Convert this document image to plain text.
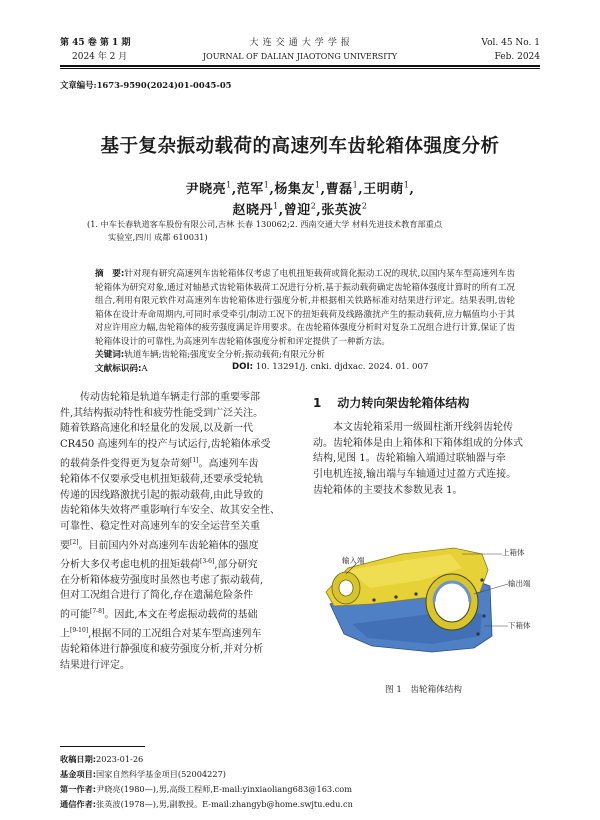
第 45 卷 第 1 期
2024 年 2 月
大 连 交 通 大 学 学 报
JOURNAL OF DALIAN JIAOTONG UNIVERSITY
Vol. 45 No. 1
Feb. 2024
文章编号:1673-9590(2024)01-0045-05
基于复杂振动载荷的高速列车齿轮箱体强度分析
尹晓亮$^1$,范军$^1$,杨集友$^1$,曹磊$^1$,王明萌$^1$,
赵晓丹$^1$,曾迎$^2$,张英波$^2$
(1. 中车长春轨道客车股份有限公司,吉林 长春 130062;2. 西南交通大学 材料先进技术教育部重点
实验室,四川 成都 610031)
摘　要:针对现有研究高速列车齿轮箱体仅考虑了电机扭矩载荷或简化振动工况的现状,以国内某车型高速列车齿轮箱体为研究对象,通过对轴悬式齿轮箱体载荷工况进行分析,基于振动载荷确定齿轮箱体强度计算时的所有工况组合,利用有限元软件对高速列车齿轮箱体进行强度分析,并根据相关铁路标准对结果进行评定。结果表明,齿轮箱体在设计寿命周期内,可同时承受牵引/制动工况下的扭矩载荷及线路激扰产生的振动载荷,应力幅值均小于其对应许用应力幅,齿轮箱体的疲劳强度满足许用要求。在齿轮箱体强度分析时对复杂工况组合进行计算,保证了齿轮箱体设计的可靠性,为高速列车齿轮箱体强度分析和评定提供了一种新方法。
关键词:轨道车辆;齿轮箱;强度安全分析;振动载荷;有限元分析
文献标识码:A	DOI: 10. 13291/j. cnki. djdxac. 2024. 01. 007
　　传动齿轮箱是轨道车辆走行部的重要零部
件,其结构振动特性和疲劳性能受到广泛关注。
随着铁路高速化和轻量化的发展,以及新一代
CR450 高速列车的投产与试运行,齿轮箱体承受
的载荷条件变得更为复杂苛刻[1]。高速列车齿
轮箱体不仅要承受电机扭矩载荷,还要承受轮轨
传递的因线路激扰引起的振动载荷,由此导致的
齿轮箱体失效将严重影响行车安全、故其安全性、
可靠性、稳定性对高速列车的安全运营至关重
要[2]。目前国内外对高速列车齿轮箱体的强度
分析大多仅考虑电机的扭矩载荷[3-6],部分研究
在分析箱体疲劳强度时虽然也考虑了振动载荷,
但对工况组合进行了简化,存在遗漏危险条件
的可能[7-8]。因此,本文在考虑振动载荷的基础
上[9-10],根据不同的工况组合对某车型高速列车
齿轮箱体进行静强度和疲劳强度分析,并对分析
结果进行评定。
1 动力转向架齿轮箱体结构
　　本文齿轮箱采用一级圆柱渐开线斜齿轮传
动。齿轮箱体是由上箱体和下箱体组成的分体式
结构,见图 1。齿轮箱输入端通过联轴器与牵
引电机连接,输出端与车轴通过过盈方式连接。
齿轮箱体的主要技术参数见表 1。
上箱体
输入端
输出端
下箱体
图 1　齿轮箱体结构
收稿日期:2023-01-26
基金项目:国家自然科学基金项目(52004227)
第一作者:尹晓亮(1980—),男,高级工程师,E-mail:yinxiaoliang683@163.com
通信作者:张英波(1978—),男,副教授。E-mail:zhangyb@home.swjtu.edu.cn
